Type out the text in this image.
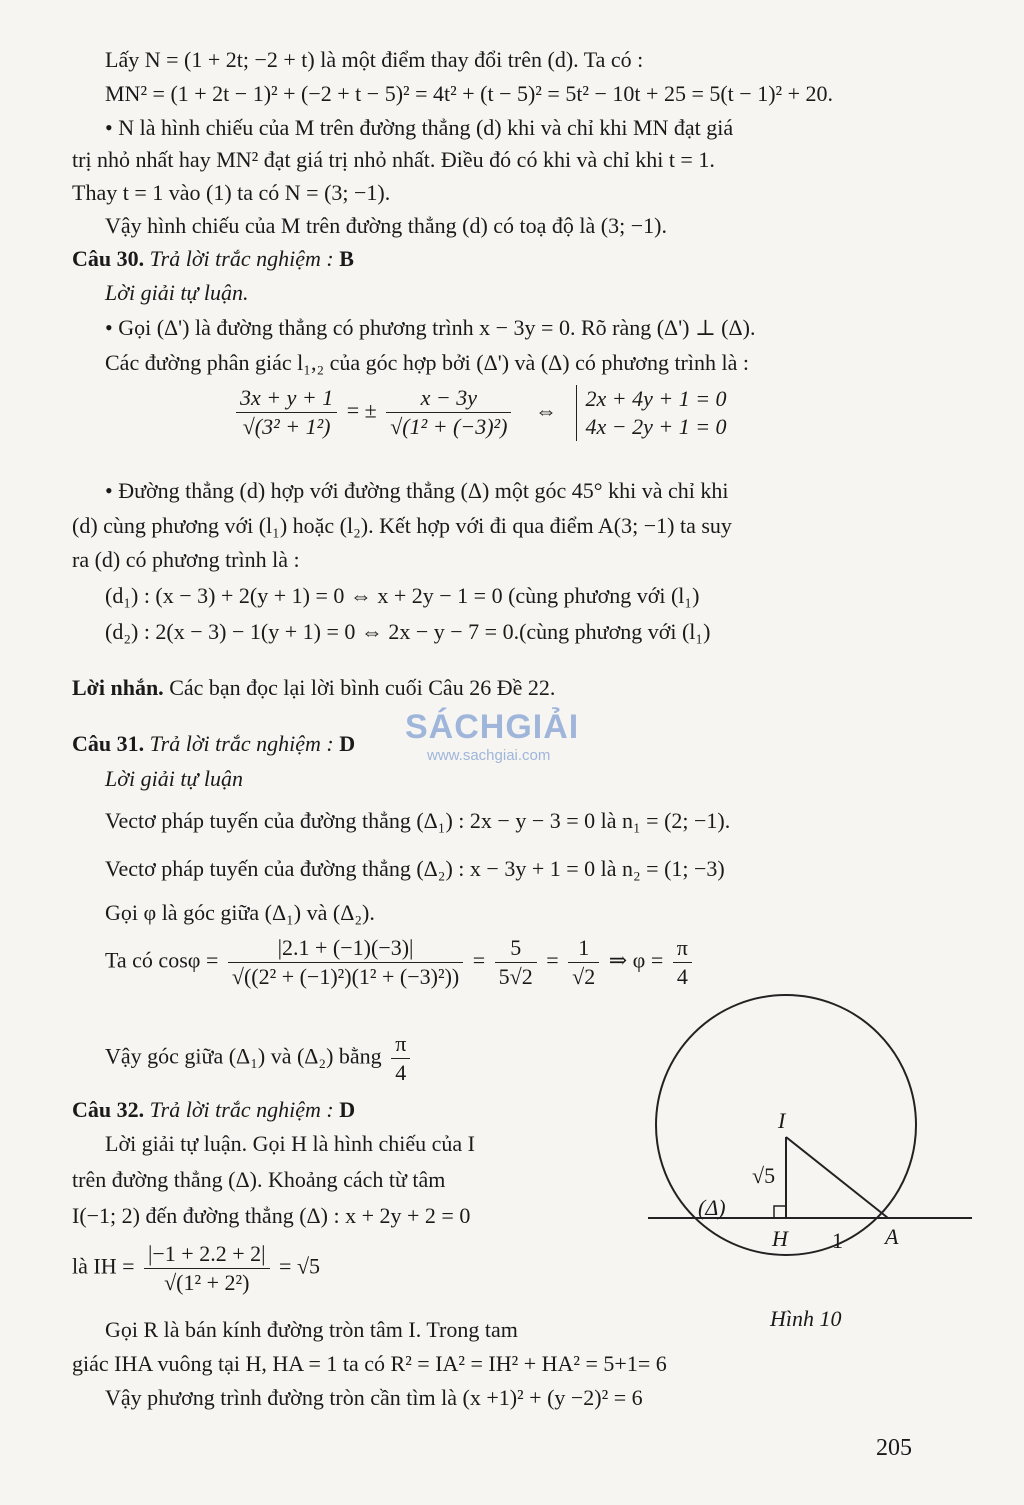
Lấy N = (1 + 2t; −2 + t) là một điểm thay đổi trên (d). Ta có :
MN² = (1 + 2t − 1)² + (−2 + t − 5)² = 4t² + (t − 5)² = 5t² − 10t + 25 = 5(t − 1)² + 20.
• N là hình chiếu của M trên đường thẳng (d) khi và chỉ khi MN đạt giá
trị nhỏ nhất hay MN² đạt giá trị nhỏ nhất. Điều đó có khi và chỉ khi t = 1.
Thay t = 1 vào (1) ta có N = (3; −1).
Vậy hình chiếu của M trên đường thẳng (d) có toạ độ là (3; −1).
Câu 30. Trả lời trắc nghiệm : B
Lời giải tự luận.
• Gọi (Δ') là đường thẳng có phương trình x − 3y = 0. Rõ ràng (Δ') ⊥ (Δ).
Các đường phân giác l₁,₂ của góc hợp bởi (Δ') và (Δ) có phương trình là :
$\frac{3x + y + 1}{\text{√(3² + 1²)}}$ = ± $\frac{x - 3y}{\text{√(1² + (−3)²)}}$ ⇔ 2x + 4y + 1 = 0
4x − 2y + 1 = 0
• Đường thẳng (d) hợp với đường thẳng (Δ) một góc 45° khi và chỉ khi
(d) cùng phương với (l₁) hoặc (l₂). Kết hợp với đi qua điểm A(3; −1) ta suy
ra (d) có phương trình là :
(d₁) : (x − 3) + 2(y + 1) = 0 ⇔ x + 2y − 1 = 0 (cùng phương với (l₁)
(d₂) : 2(x − 3) − 1(y + 1) = 0 ⇔ 2x − y − 7 = 0.(cùng phương với (l₁)
Lời nhắn. Các bạn đọc lại lời bình cuối Câu 26 Đề 22.
SÁCHGIẢI
www.sachgiai.com
Câu 31. Trả lời trắc nghiệm : D
Lời giải tự luận
Vectơ pháp tuyến của đường thẳng (Δ₁) : 2x − y − 3 = 0 là n₁ = (2; −1).
Vectơ pháp tuyến của đường thẳng (Δ₂) : x − 3y + 1 = 0 là n₂ = (1; −3)
Gọi φ là góc giữa (Δ₁) và (Δ₂).
Ta có $\cos\varphi = \frac{|2.1 + (-1)(-3)|}{\text{√((2² + (−1)²)(1² + (−3)²))}} = \frac{5}{5√2} = \frac{1}{√2}$ ⇒ $\varphi = \frac{\pi}{4}$
Vậy góc giữa (Δ₁) và (Δ₂) bằng $\frac{\pi}{4}$
Câu 32. Trả lời trắc nghiệm : D
Lời giải tự luận. Gọi H là hình chiếu của I
trên đường thẳng (Δ). Khoảng cách từ tâm
I(−1; 2) đến đường thẳng (Δ) : x + 2y + 2 = 0
là IH = $\frac{|-1 + 2.2 + 2|}{\text{√(1² + 2²)}} = √5$
Gọi R là bán kính đường tròn tâm I. Trong tam
giác IHA vuông tại H, HA = 1 ta có R² = IA² = IH² + HA² = 5+1= 6
Vậy phương trình đường tròn cần tìm là (x +1)² + (y −2)² = 6
I
√5
(Δ)
H 1 A
Hình 10
205
